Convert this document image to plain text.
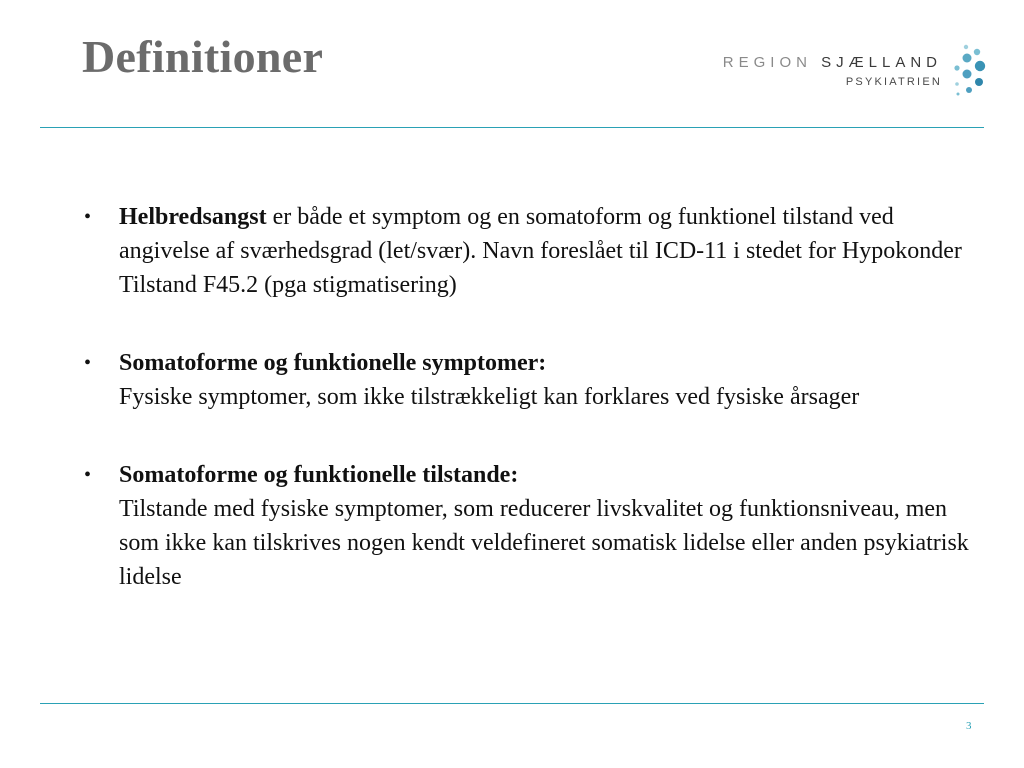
Definitioner	REGION SJÆLLAND
PSYKIATRIEN
•	Helbredsangst er både et symptom og en somatoform og funktionel tilstand ved angivelse af sværhedsgrad (let/svær). Navn foreslået til ICD-11 i stedet for Hypokonder Tilstand F45.2 (pga stigmatisering)
•	Somatoforme og funktionelle symptomer:
Fysiske symptomer, som ikke tilstrækkeligt kan forklares ved fysiske årsager
•	Somatoforme og funktionelle tilstande:
Tilstande med fysiske symptomer, som reducerer livskvalitet og funktionsniveau, men som ikke kan tilskrives nogen kendt veldefineret somatisk lidelse eller anden psykiatrisk lidelse
3
